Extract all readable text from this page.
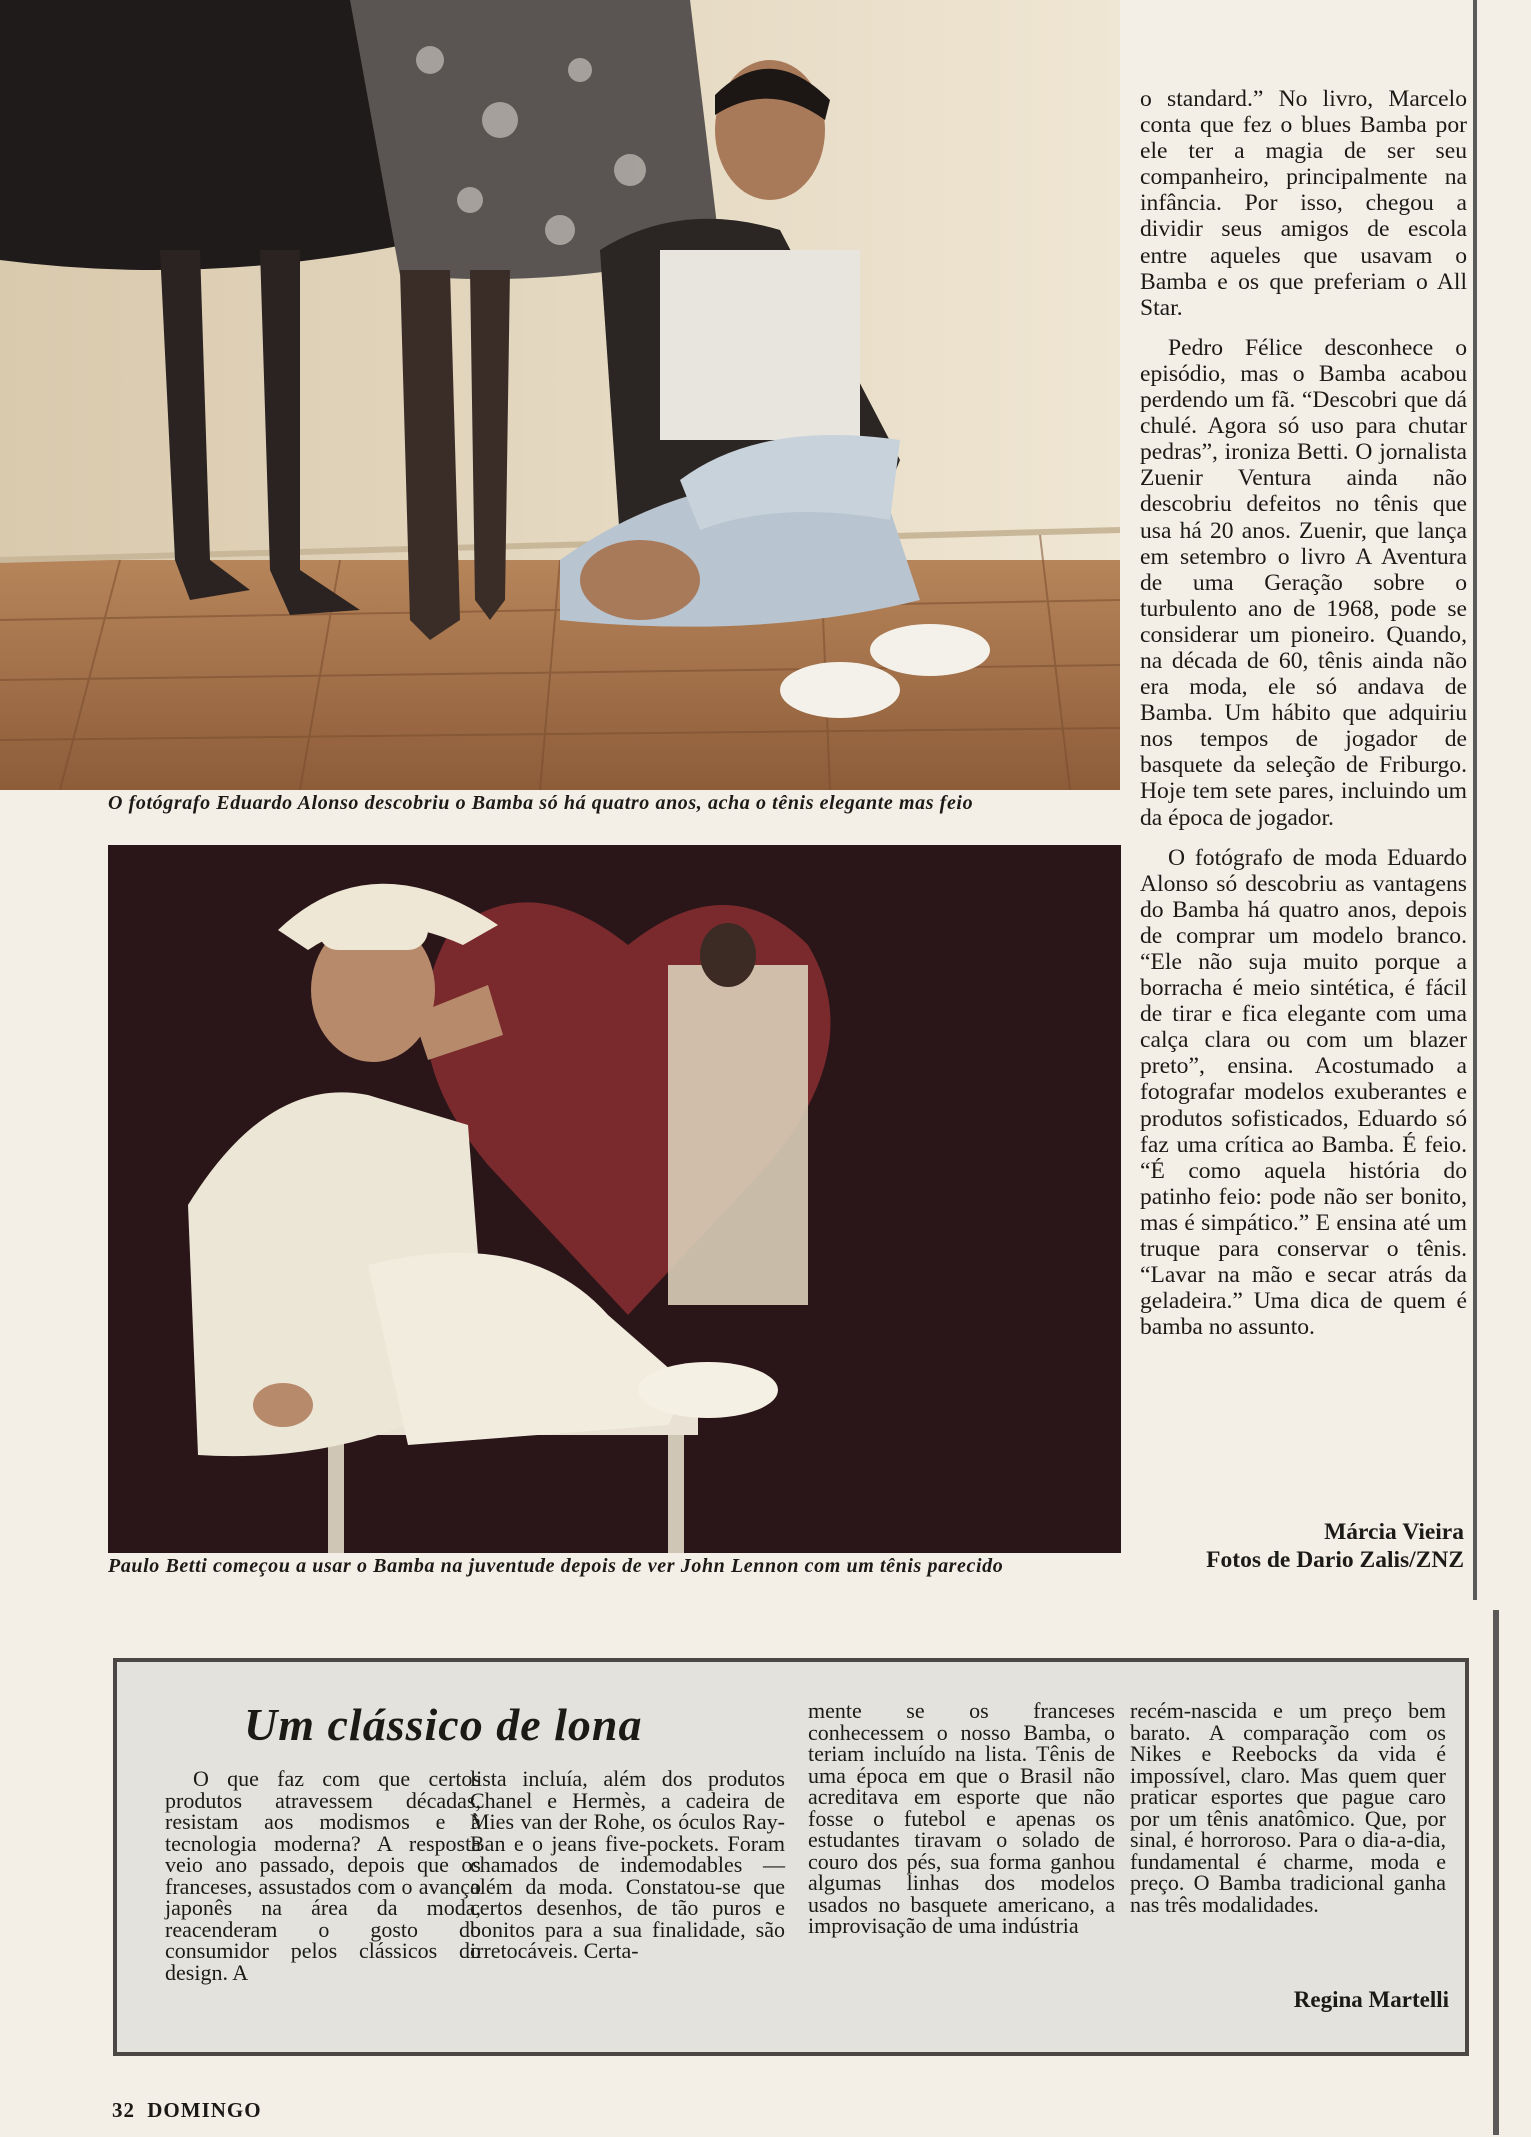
O fotógrafo Eduardo Alonso descobriu o Bamba só há quatro anos, acha o tênis elegante mas feio
Paulo Betti começou a usar o Bamba na juventude depois de ver John Lennon com um tênis parecido

o standard.” No livro, Marcelo conta que fez o blues Bamba por ele ter a magia de ser seu companheiro, principalmente na infância. Por isso, chegou a dividir seus amigos de escola entre aqueles que usavam o Bamba e os que preferiam o All Star.

Pedro Félice desconhece o episódio, mas o Bamba acabou perdendo um fã. “Descobri que dá chulé. Agora só uso para chutar pedras”, ironiza Betti. O jornalista Zuenir Ventura ainda não descobriu defeitos no tênis que usa há 20 anos. Zuenir, que lança em setembro o livro A Aventura de uma Geração sobre o turbulento ano de 1968, pode se considerar um pioneiro. Quando, na década de 60, tênis ainda não era moda, ele só andava de Bamba. Um hábito que adquiriu nos tempos de jogador de basquete da seleção de Friburgo. Hoje tem sete pares, incluindo um da época de jogador.

O fotógrafo de moda Eduardo Alonso só descobriu as vantagens do Bamba há quatro anos, depois de comprar um modelo branco. “Ele não suja muito porque a borracha é meio sintética, é fácil de tirar e fica elegante com uma calça clara ou com um blazer preto”, ensina. Acostumado a fotografar modelos exuberantes e produtos sofisticados, Eduardo só faz uma crítica ao Bamba. É feio. “É como aquela história do patinho feio: pode não ser bonito, mas é simpático.” E ensina até um truque para conservar o tênis. “Lavar na mão e secar atrás da geladeira.” Uma dica de quem é bamba no assunto.

Márcia Vieira
Fotos de Dario Zalis/ZNZ
Um clássico de lona
O que faz com que certos produtos atravessem décadas, resistam aos modismos e à tecnologia moderna? A resposta veio ano passado, depois que os franceses, assustados com o avanço japonês na área da moda, reacenderam o gosto do consumidor pelos clássicos do design. A
lista incluía, além dos produtos Chanel e Hermès, a cadeira de Mies van der Rohe, os óculos Ray-Ban e o jeans five-pockets. Foram chamados de indemodables — além da moda. Constatou-se que certos desenhos, de tão puros e bonitos para a sua finalidade, são irretocáveis. Certa-
mente se os franceses conhecessem o nosso Bamba, o teriam incluído na lista. Tênis de uma época em que o Brasil não acreditava em esporte que não fosse o futebol e apenas os estudantes tiravam o solado de couro dos pés, sua forma ganhou algumas linhas dos modelos usados no basquete americano, a improvisação de uma indústria
recém-nascida e um preço bem barato. A comparação com os Nikes e Reebocks da vida é impossível, claro. Mas quem quer praticar esportes que pague caro por um tênis anatômico. Que, por sinal, é horroroso. Para o dia-a-dia, fundamental é charme, moda e preço. O Bamba tradicional ganha nas três modalidades.
Regina Martelli
32 DOMINGO
